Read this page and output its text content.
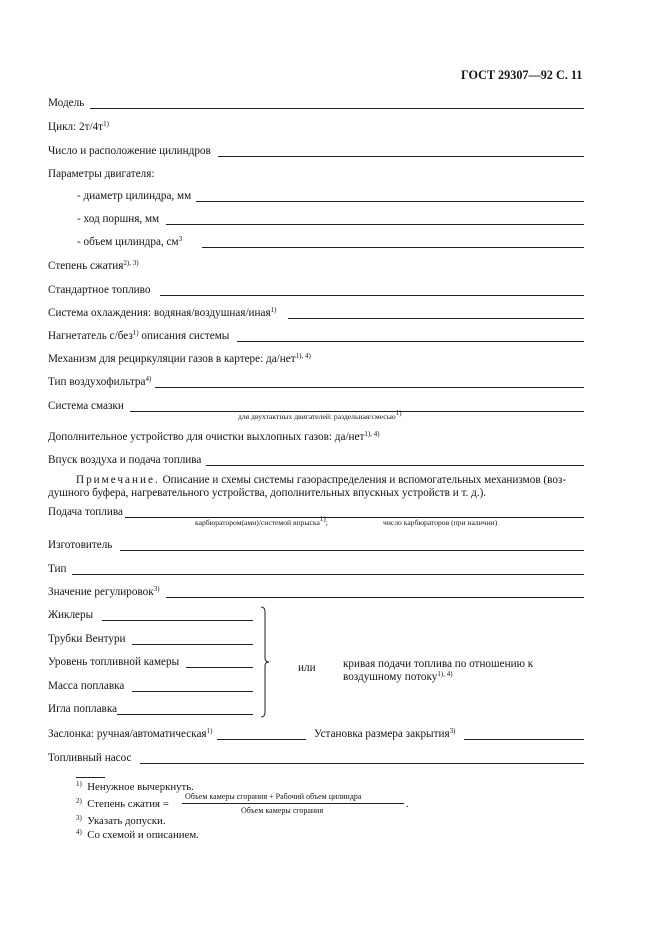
ГОСТ 29307—92 С. 11
Модель
Цикл: $2т/4т^{1)}$
Число и расположение цилиндров
Параметры двигателя:
- диаметр цилиндра, мм
- ход поршня, мм
- объем цилиндра, $см^3$
Степень сжатия$^{2), 3)}$
Стандартное топливо
Система охлаждения: водяная/воздушная/иная$^{1)}$
Нагнетатель с/без$^{1)}$ описания системы
Механизм для рециркуляции газов в картере: да/нет$^{1), 4)}$
Тип воздухофильтра$^{4)}$
Система смазки
для двухтактных двигателей: раздельная/смесью$^{1)}$
Дополнительное устройство для очистки выхлопных газов: да/нет$^{1), 4)}$
Впуск воздуха и подача топлива
Примечание. Описание и схемы системы газораспределения и вспомогательных механизмов (воз-
душного буфера, нагревательного устройства, дополнительных впускных устройств и т. д.).
Подача топлива
карбюратором(ами)/системой впрыска$^{1)}$;	число карбюраторов (при наличии)
Изготовитель
Тип
Значение регулировок$^{3)}$
Жиклеры
Трубки Вентури
Уровень топливной камеры
Масса поплавка
Игла поплавка
или кривая подачи топлива по отношению к
воздушному потоку$^{1), 4)}$
Заслонка: ручная/автоматическая$^{1)}$	Установка размера закрытия$^{3)}$
Топливный насос
$^{1)}$ Ненужное вычеркнуть.
$^{2)}$ Степень сжатия =
Объем камеры сгорания + Рабочий объем цилиндра
Объем камеры сгорания
.
$^{3)}$ Указать допуски.
$^{4)}$ Со схемой и описанием.
